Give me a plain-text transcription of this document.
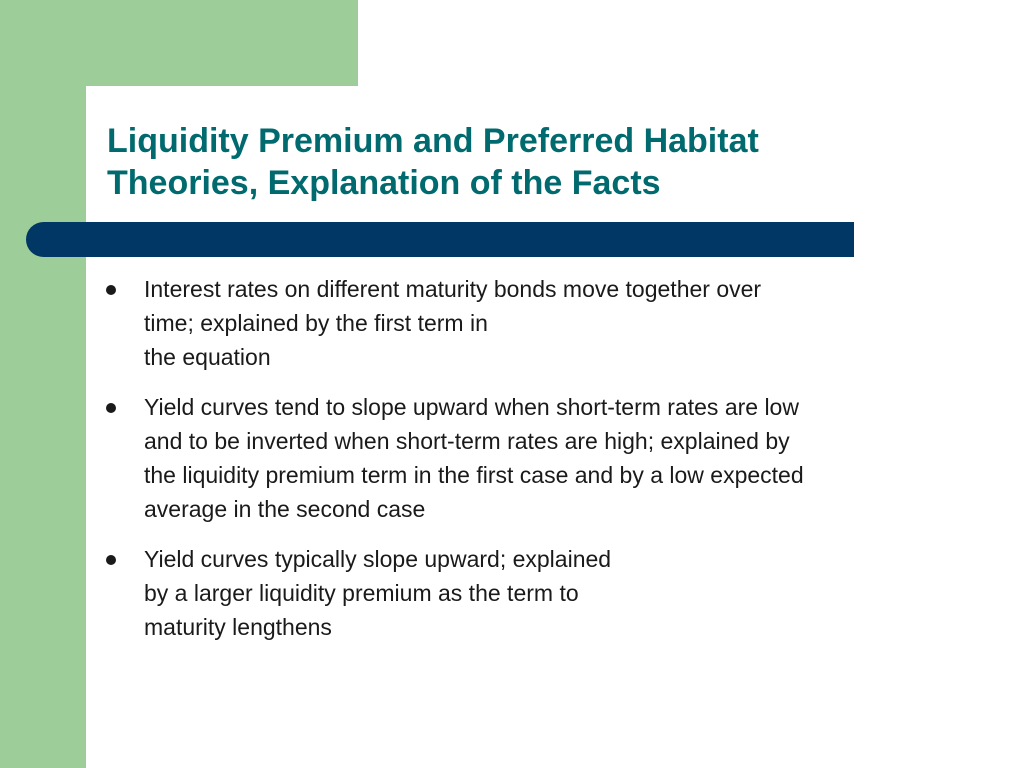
Liquidity Premium and Preferred Habitat
Theories, Explanation of the Facts
Interest rates on different maturity bonds move together over
time; explained by the first term in
the equation
Yield curves tend to slope upward when short-term rates are low
and to be inverted when short-term rates are high; explained by
the liquidity premium term in the first case and by a low expected
average in the second case
Yield curves typically slope upward; explained
by a larger liquidity premium as the term to
maturity lengthens
